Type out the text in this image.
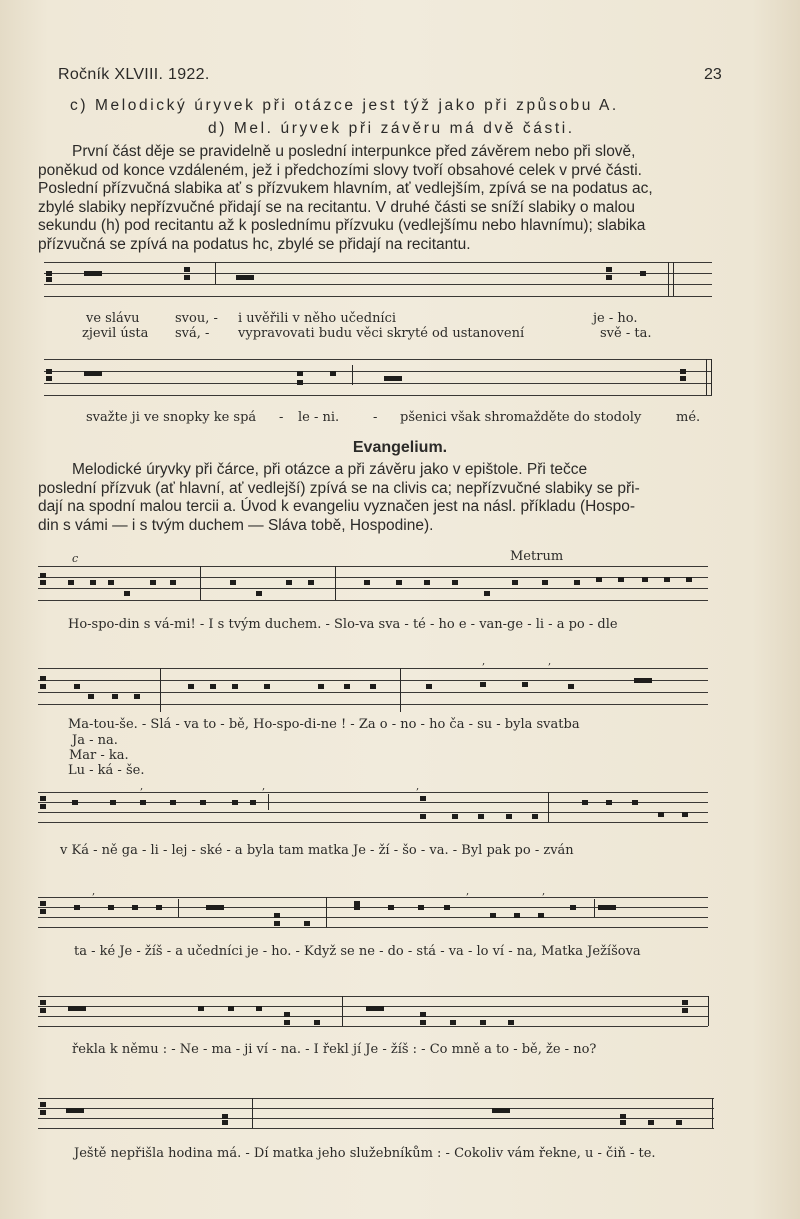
Ročník XLVIII. 1922.	23
c) Melodický úryvek při otázce jest týž jako při způsobu A.
d) Mel. úryvek při závěru má dvě části.
První část děje se pravidelně u poslední interpunkce před závěrem nebo při slově,
poněkud od konce vzdáleném, jež i předchozími slovy tvoří obsahové celek v prvé části.
Poslední přízvučná slabika ať s přízvukem hlavním, ať vedlejším, zpívá se na podatus ac,
zbylé slabiky nepřízvučné přidají se na recitantu. V druhé části se sníží slabiky o malou
sekundu (h) pod recitantu až k poslednímu přízvuku (vedlejšímu nebo hlavnímu); slabika
přízvučná se zpívá na podatus hc, zbylé se přidají na recitantu.
ve slávu	svou, - i uvěřili v něho učedníci	je - ho.
zjevil ústa svá, - vypravovati budu věci skryté od ustanovení	svě - ta.
svažte ji ve snopky ke spá - le - ni.	- pšenici však shromažděte do stodoly	mé.
Evangelium.
Melodické úryvky při čárce, při otázce a při závěru jako v epištole. Při tečce
poslední přízvuk (ať hlavní, ať vedlejší) zpívá se na clivis ca; nepřízvučné slabiky se při-
dají na spodní malou tercii a. Úvod k evangeliu vyznačen jest na násl. příkladu (Hospo-
din s vámi — i s tvým duchem — Sláva tobě, Hospodine).
c	Metrum
Ho-spo-din s vá-mi! - I s tvým duchem. - Slo-va sva - té - ho e - van-ge - li - a po - dle
,	,
Ma-tou-še. - Slá - va to - bě, Ho-spo-di-ne ! - Za o - no - ho ča - su - byla svatba
Ja - na.
Mar - ka.
Lu - ká - še.
,	,	,
v Ká - ně ga - li - lej - ské - a byla tam matka Je - ží - šo - va. - Byl pak po - zván
,	,	,
ta - ké Je - žíš - a učedníci je - ho. - Když se ne - do - stá - va - lo ví - na, Matka Ježíšova
řekla k němu : - Ne - ma - ji ví - na. - I řekl jí Je - žíš : - Co mně a to - bě, že - no?
Ještě nepřišla hodina má. - Dí matka jeho služebníkům : - Cokoliv vám řekne, u - čiň - te.
